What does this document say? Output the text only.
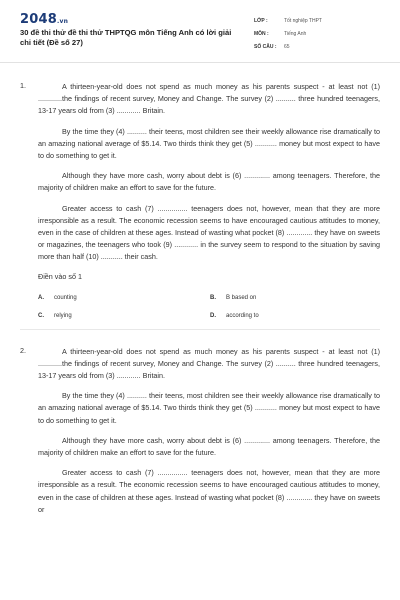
2048.vn
30 đề thi thử đề thi thử THPTQG môn Tiếng Anh có lời giải chi tiết (Đề số 27)
LỚP :	Tốt nghiệp THPT
MÔN :	Tiếng Anh
SỐ CÂU :	65
1.	A thirteen-year-old does not spend as much money as his parents suspect - at least not (1) ............the findings of recent survey, Money and Change. The survey (2) .......... three hundred teenagers, 13-17 years old from (3) ............ Britain.

By the time they (4) .......... their teens, most children see their weekly allowance rise dramatically to an amazing national average of $5.14. Two thirds think they get (5) ........... money but most expect to have to do something to get it.

Although they have more cash, worry about debt is (6) ............. among teenagers. Therefore, the majority of children make an effort to save for the future.

Greater access to cash (7) ............... teenagers does not, however, mean that they are more irresponsible as a result. The economic recession seems to have encouraged cautious attitudes to money, even in the case of children at these ages. Instead of wasting what pocket (8) ............. they have on sweets or magazines, the teenagers who took (9) ............ in the survey seem to respond to the situation by saving more than half (10) ........... their cash.

Điền vào số 1
A.	counting	B.	B based on
C.	relying	D.	according to
2.	A thirteen-year-old does not spend as much money as his parents suspect - at least not (1) ............the findings of recent survey, Money and Change. The survey (2) .......... three hundred teenagers, 13-17 years old from (3) ............ Britain.

By the time they (4) .......... their teens, most children see their weekly allowance rise dramatically to an amazing national average of $5.14. Two thirds think they get (5) ........... money but most expect to have to do something to get it.

Although they have more cash, worry about debt is (6) ............. among teenagers. Therefore, the majority of children make an effort to save for the future.

Greater access to cash (7) ............... teenagers does not, however, mean that they are more irresponsible as a result. The economic recession seems to have encouraged cautious attitudes to money, even in the case of children at these ages. Instead of wasting what pocket (8) ............. they have on sweets or
